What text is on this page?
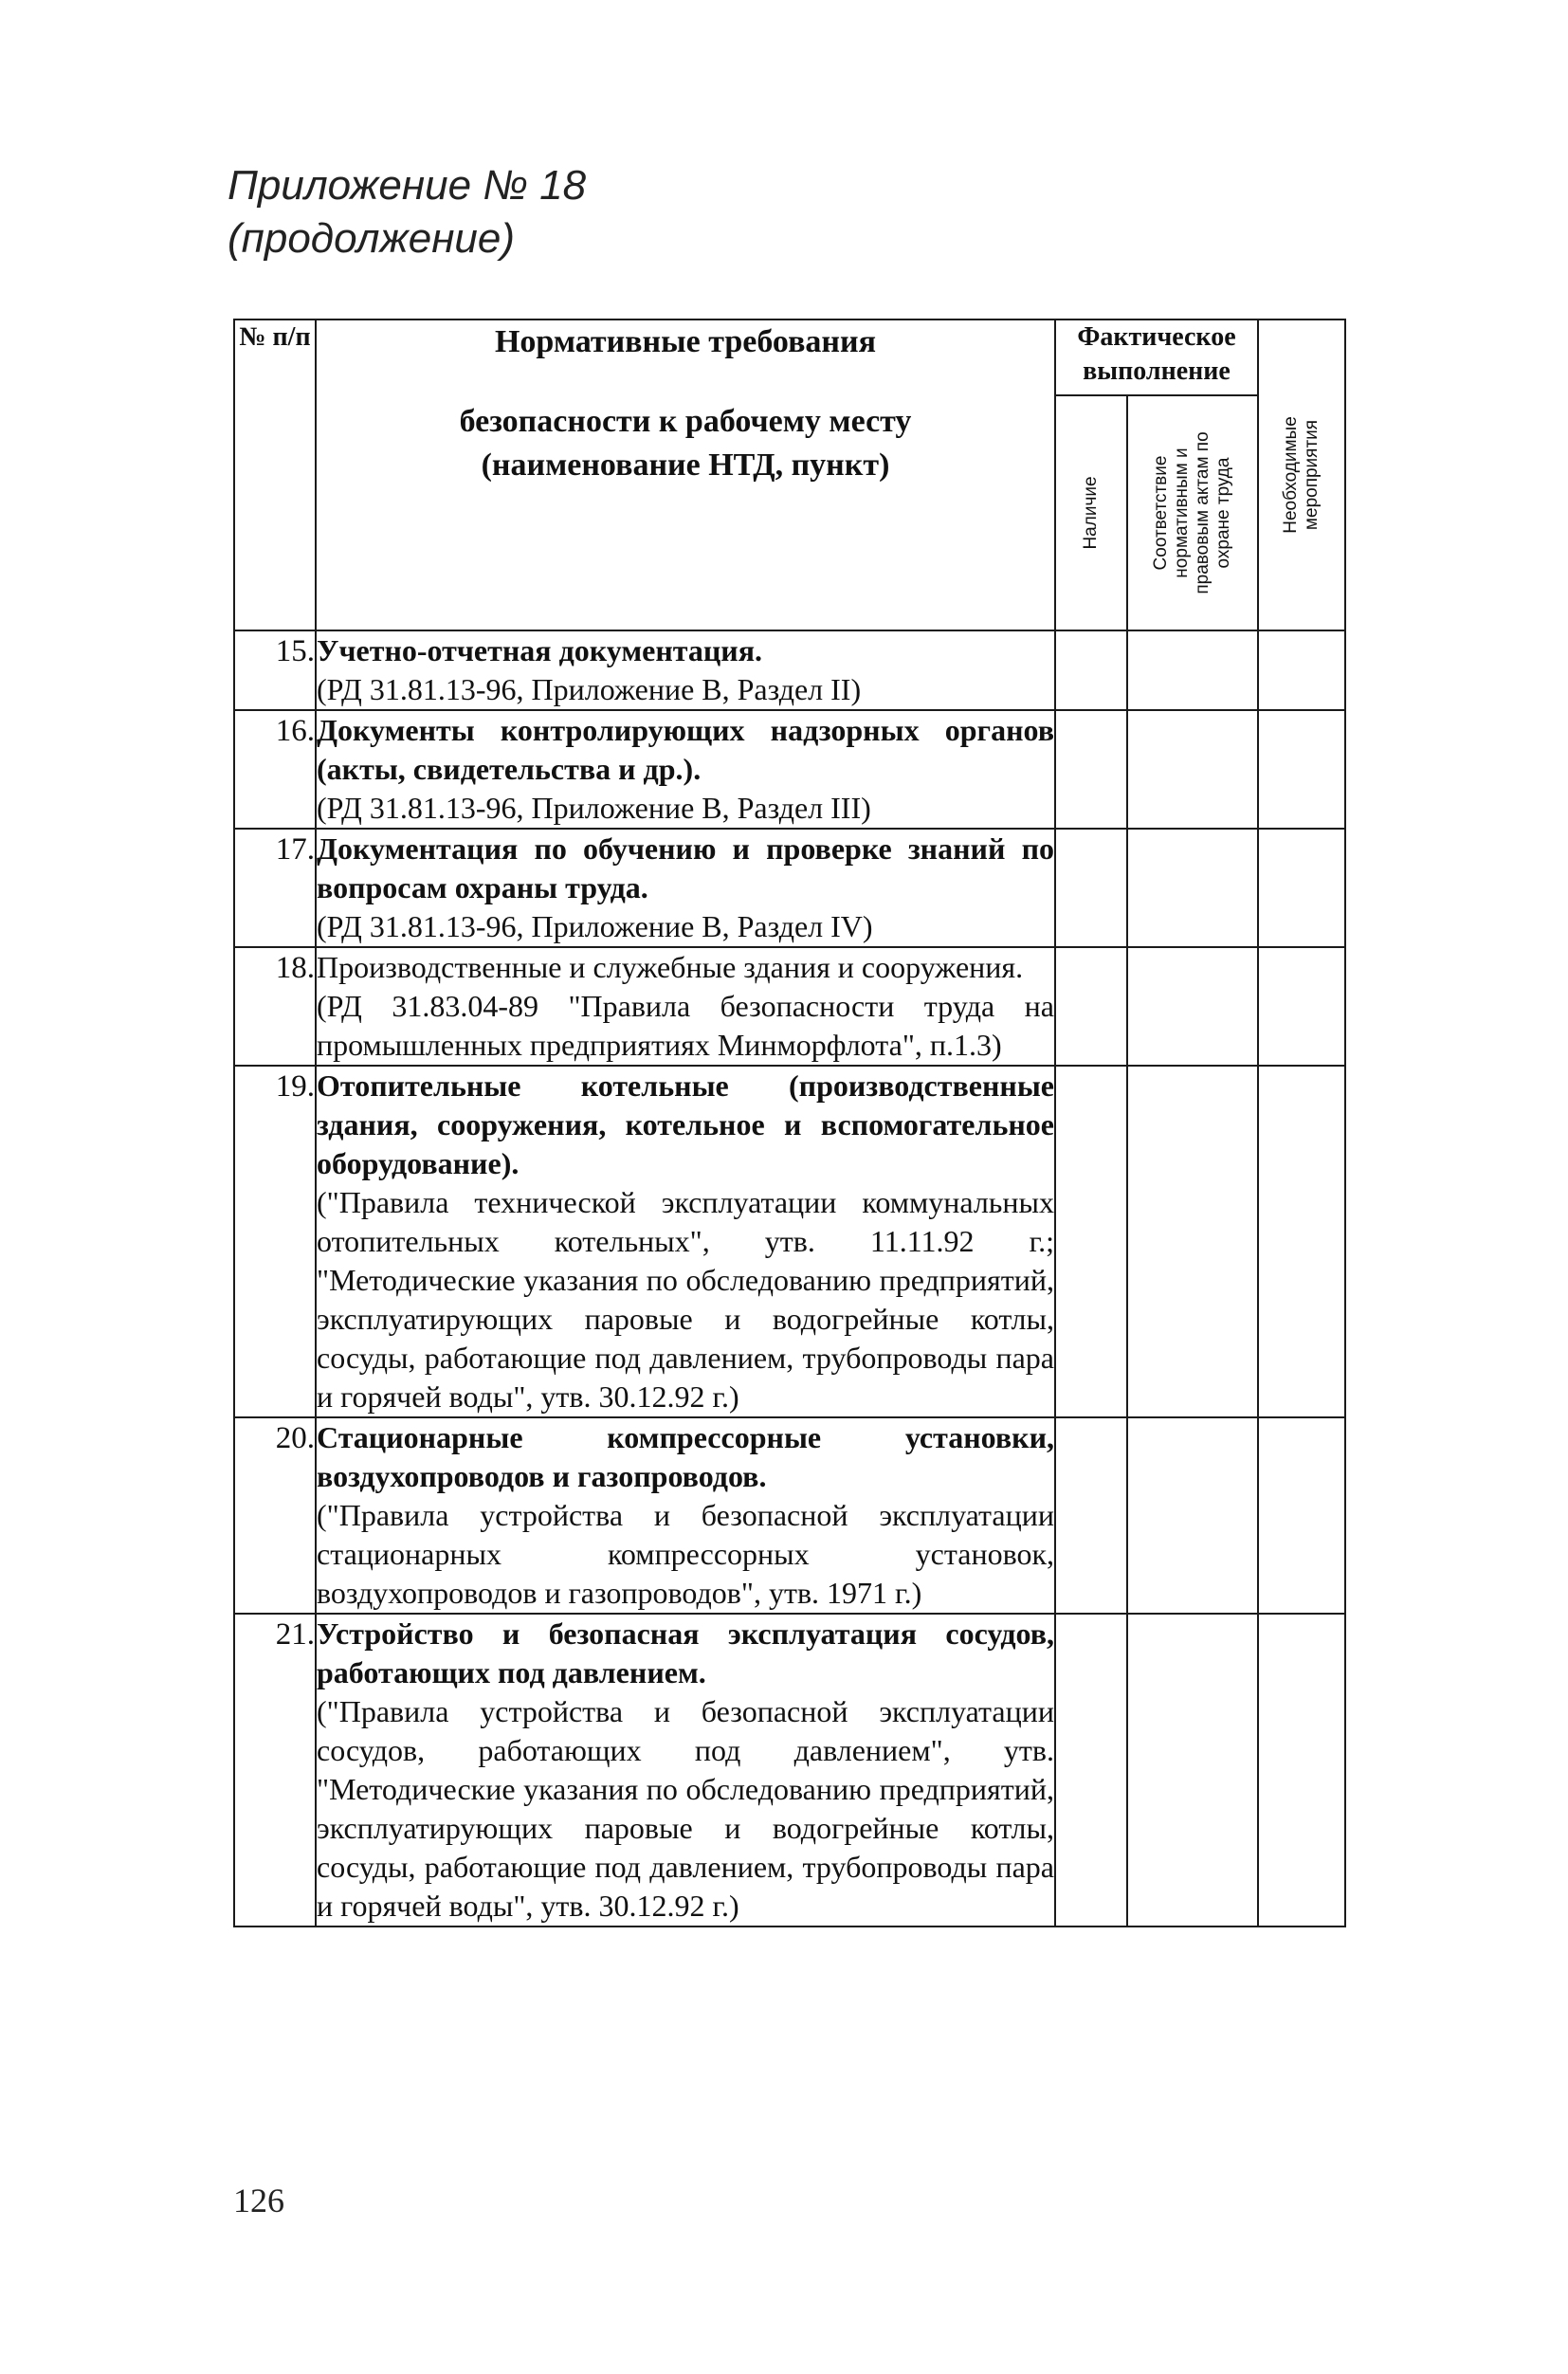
Приложение № 18
(продолжение)
№ п/п	Нормативные требования
безопасности к рабочему месту
(наименование НТД, пункт)	Фактическое выполнение		Необходимые мероприятия

		Наличие	Соответствие нормативным и правовым актам по охране труда	

15.	Учетно-отчетная документация.
(РД 31.81.13-96, Приложение В, Раздел II)			

16.	Документы контролирующих надзорных органов (акты, свидетельства и др.).
(РД 31.81.13-96, Приложение В, Раздел III)			

17.	Документация по обучению и проверке знаний по вопросам охраны труда.
(РД 31.81.13-96, Приложение В, Раздел IV)			

18.	Производственные и служебные здания и сооружения.
(РД 31.83.04-89 "Правила безопасности труда на промышленных предприятиях Минморфлота", п.1.3)			

19.	Отопительные котельные (производственные здания, сооружения, котельное и вспомогательное оборудование).
("Правила технической эксплуатации коммунальных отопительных котельных", утв. 11.11.92 г.; "Методические указания по обследованию предприятий, эксплуатирующих паровые и водогрейные котлы, сосуды, работающие под давлением, трубопроводы пара и горячей воды", утв. 30.12.92 г.)			

20.	Стационарные компрессорные установки, воздухопроводов и газопроводов.
("Правила устройства и безопасной эксплуатации стационарных компрессорных установок, воздухопроводов и газопроводов", утв. 1971 г.)			

21.	Устройство и безопасная эксплуатация сосудов, работающих под давлением.
("Правила устройства и безопасной эксплуатации сосудов, работающих под давлением", утв. "Методические указания по обследованию предприятий, эксплуатирующих паровые и водогрейные котлы, сосуды, работающие под давлением, трубопроводы пара и горячей воды", утв. 30.12.92 г.)			

126
